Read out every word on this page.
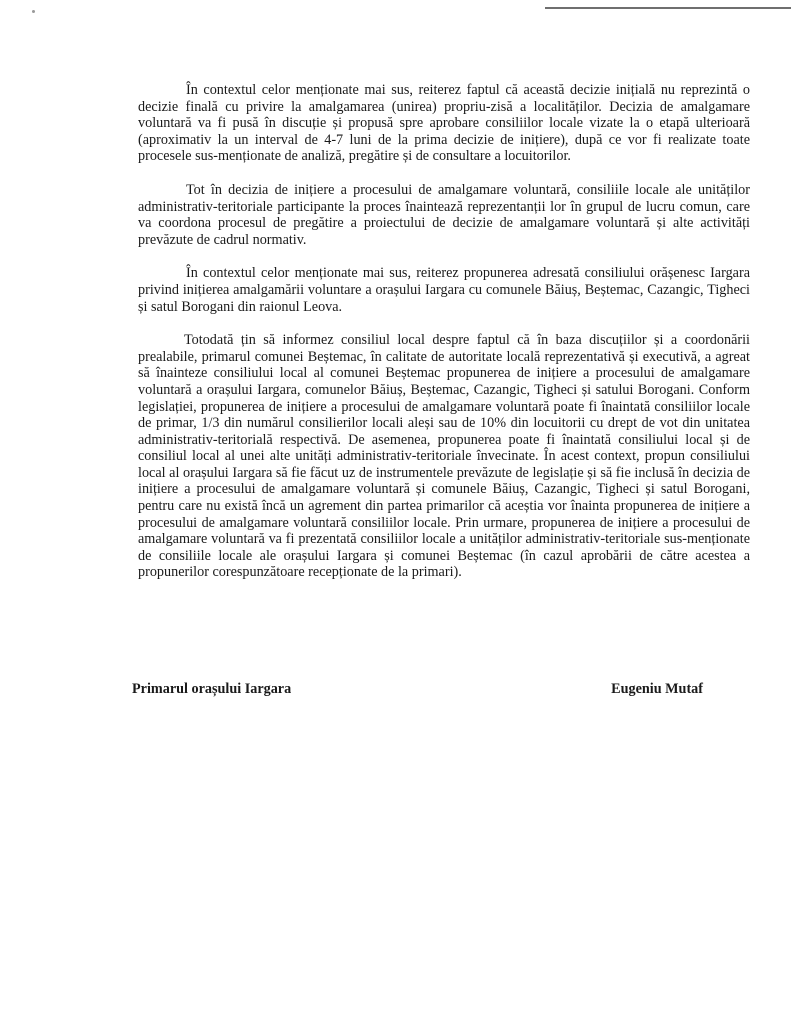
În contextul celor menționate mai sus, reiterez faptul că această decizie inițială nu reprezintă o decizie finală cu privire la amalgamarea (unirea) propriu-zisă a localităților. Decizia de amalgamare voluntară va fi pusă în discuție și propusă spre aprobare consiliilor locale vizate la o etapă ulterioară (aproximativ la un interval de 4-7 luni de la prima decizie de inițiere), după ce vor fi realizate toate procesele sus-menționate de analiză, pregătire și de consultare a locuitorilor.

Tot în decizia de inițiere a procesului de amalgamare voluntară, consiliile locale ale unităților administrativ-teritoriale participante la proces înaintează reprezentanții lor în grupul de lucru comun, care va coordona procesul de pregătire a proiectului de decizie de amalgamare voluntară și alte activități prevăzute de cadrul normativ.

În contextul celor menționate mai sus, reiterez propunerea adresată consiliului orășenesc Iargara privind inițierea amalgamării voluntare a orașului Iargara cu comunele Băiuș, Beștemac, Cazangic, Tigheci și satul Borogani din raionul Leova.

Totodată țin să informez consiliul local despre faptul că în baza discuțiilor și a coordonării prealabile, primarul comunei Beștemac, în calitate de autoritate locală reprezentativă și executivă, a agreat să înainteze consiliului local al comunei Beștemac propunerea de inițiere a procesului de amalgamare voluntară a orașului Iargara, comunelor Băiuș, Beștemac, Cazangic, Tigheci și satului Borogani. Conform legislației, propunerea de inițiere a procesului de amalgamare voluntară poate fi înaintată consiliilor locale de primar, 1/3 din numărul consilierilor locali aleși sau de 10% din locuitorii cu drept de vot din unitatea administrativ-teritorială respectivă. De asemenea, propunerea poate fi înaintată consiliului local și de consiliul local al unei alte unități administrativ-teritoriale învecinate. În acest context, propun consiliului local al orașului Iargara să fie făcut uz de instrumentele prevăzute de legislație și să fie inclusă în decizia de inițiere a procesului de amalgamare voluntară și comunele Băiuș, Cazangic, Tigheci și satul Borogani, pentru care nu există încă un agrement din partea primarilor că aceștia vor înainta propunerea de inițiere a procesului de amalgamare voluntară consiliilor locale. Prin urmare, propunerea de inițiere a procesului de amalgamare voluntară va fi prezentată consiliilor locale a unităților administrativ-teritoriale sus-menționate de consiliile locale ale orașului Iargara și comunei Beștemac (în cazul aprobării de către acestea a propunerilor corespunzătoare recepționate de la primari).

Primarul orașului Iargara	Eugeniu Mutaf
